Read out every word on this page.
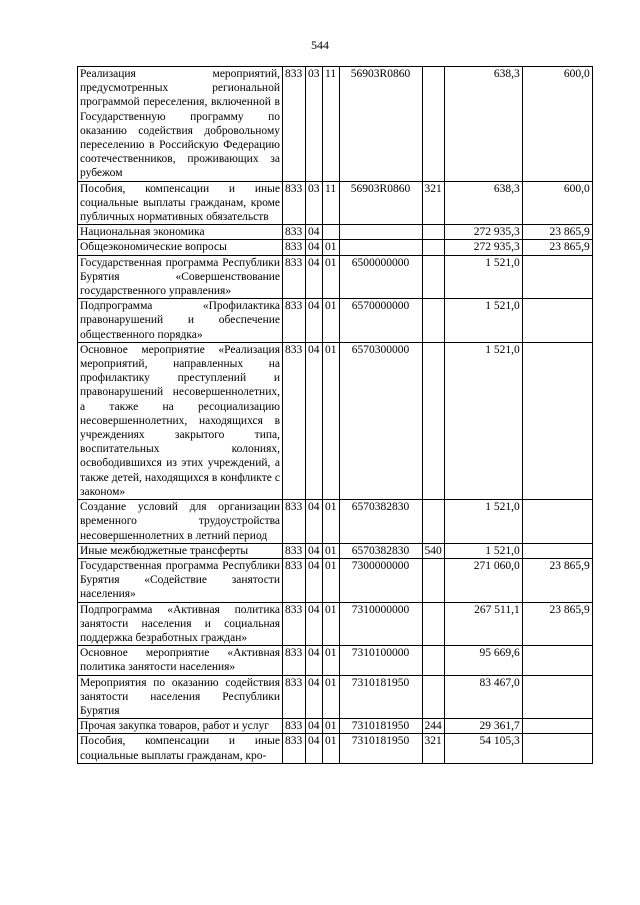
544
Реализация мероприятий, предусмотренных региональной программой переселения, включенной в Государственную программу по оказанию содействия добровольному переселению в Российскую Федерацию соотечественников, проживающих за рубежом	833	03	11	56903R0860		638,3	600,0
Пособия, компенсации и иные социальные выплаты гражданам, кроме публичных нормативных обязательств	833	03	11	56903R0860	321	638,3	600,0
Национальная экономика	833	04				272 935,3	23 865,9
Общеэкономические вопросы	833	04	01			272 935,3	23 865,9
Государственная программа Республики Бурятия «Совершенствование государственного управления»	833	04	01	6500000000		1 521,0	
Подпрограмма «Профилактика правонарушений и обеспечение общественного порядка»	833	04	01	6570000000		1 521,0	
Основное мероприятие «Реализация мероприятий, направленных на профилактику преступлений и правонарушений несовершеннолетних, а также на ресоциализацию несовершеннолетних, находящихся в учреждениях закрытого типа, воспитательных колониях, освободившихся из этих учреждений, а также детей, находящихся в конфликте с законом»	833	04	01	6570300000		1 521,0	
Создание условий для организации временного трудоустройства несовершеннолетних в летний период	833	04	01	6570382830		1 521,0	
Иные межбюджетные трансферты	833	04	01	6570382830	540	1 521,0	
Государственная программа Республики Бурятия «Содействие занятости населения»	833	04	01	7300000000		271 060,0	23 865,9
Подпрограмма «Активная политика занятости населения и социальная поддержка безработных граждан»	833	04	01	7310000000		267 511,1	23 865,9
Основное мероприятие «Активная политика занятости населения»	833	04	01	7310100000		95 669,6	
Мероприятия по оказанию содействия занятости населения Республики Бурятия	833	04	01	7310181950		83 467,0	
Прочая закупка товаров, работ и услуг	833	04	01	7310181950	244	29 361,7	
Пособия, компенсации и иные социальные выплаты гражданам, кро-	833	04	01	7310181950	321	54 105,3	
